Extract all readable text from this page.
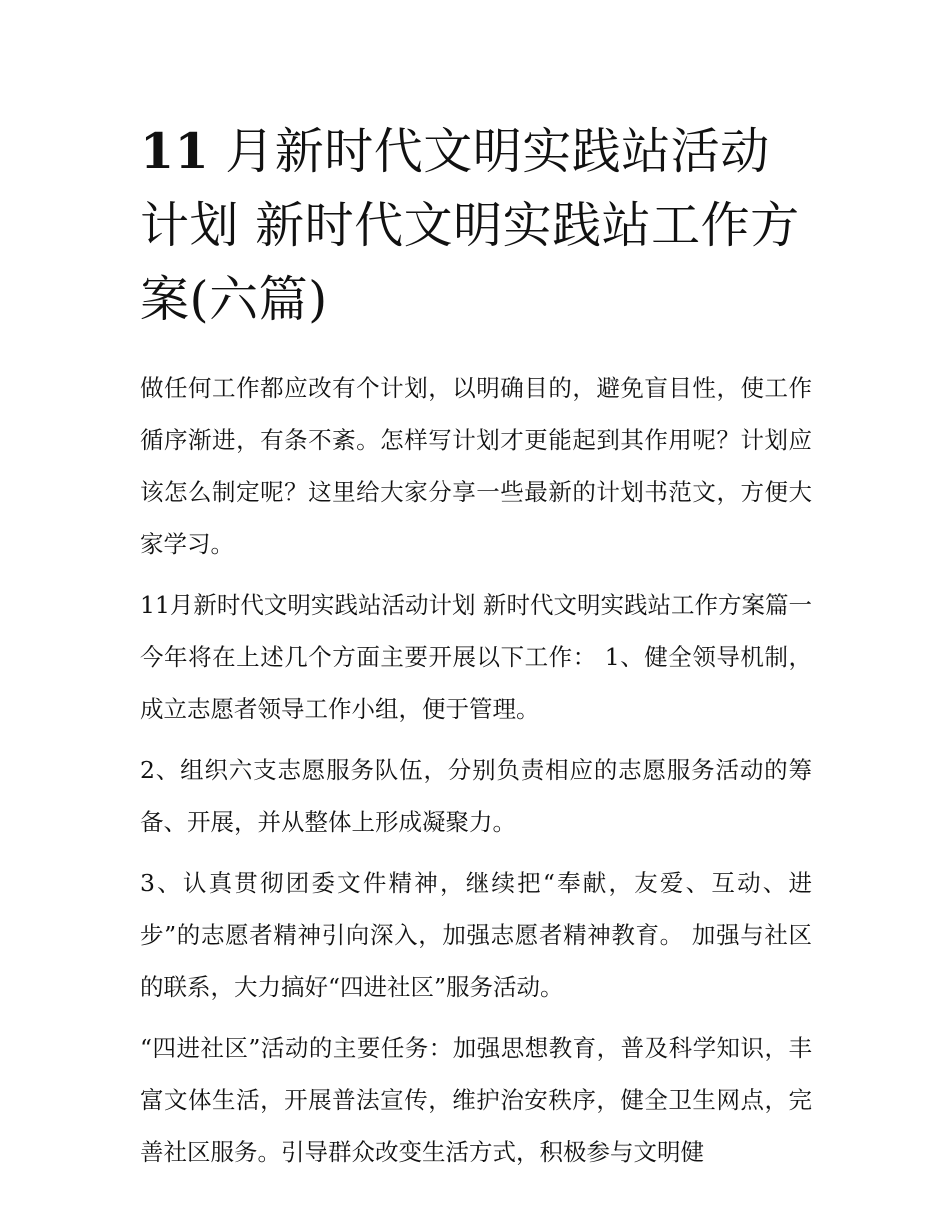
11 月新时代文明实践站活动计划 新时代文明实践站工作方案(六篇)

做任何工作都应改有个计划，以明确目的，避免盲目性，使工作循序渐进，有条不紊。怎样写计划才更能起到其作用呢？计划应该怎么制定呢？这里给大家分享一些最新的计划书范文，方便大家学习。

11月新时代文明实践站活动计划 新时代文明实践站工作方案篇一 今年将在上述几个方面主要开展以下工作： 1、健全领导机制，成立志愿者领导工作小组，便于管理。

2、组织六支志愿服务队伍，分别负责相应的志愿服务活动的筹备、开展，并从整体上形成凝聚力。

3、认真贯彻团委文件精神，继续把“奉献，友爱、互动、进步”的志愿者精神引向深入，加强志愿者精神教育。 加强与社区的联系，大力搞好“四进社区”服务活动。

“四进社区”活动的主要任务：加强思想教育，普及科学知识，丰富文体生活，开展普法宣传，维护治安秩序，健全卫生网点，完善社区服务。引导群众改变生活方式，积极参与文明健
